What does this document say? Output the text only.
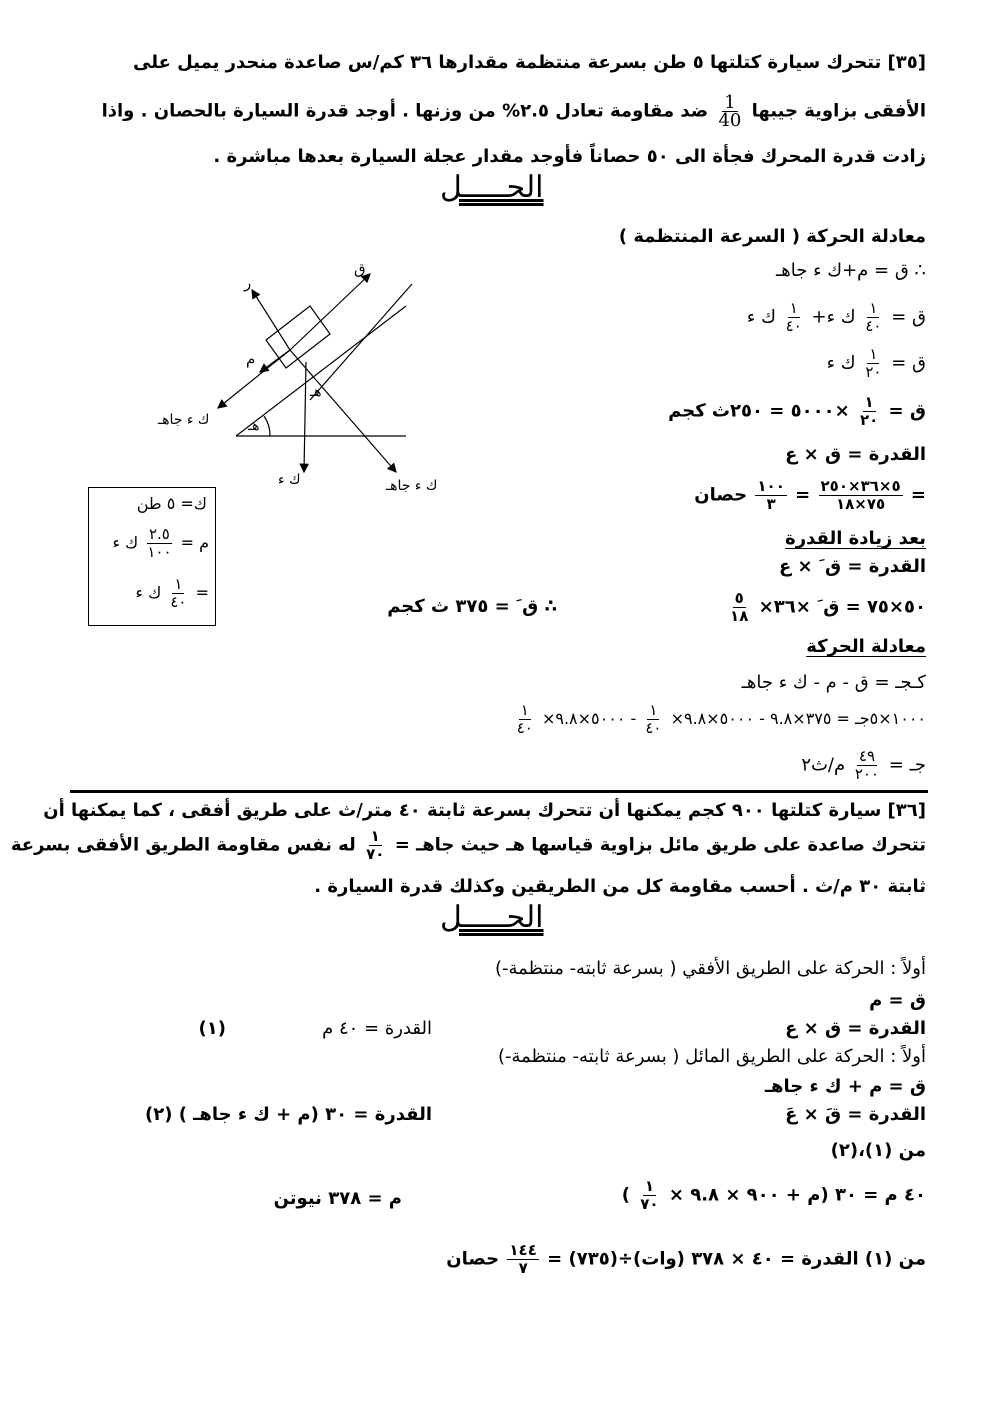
[٣٥] تتحرك سيارة كتلتها ٥ طن بسرعة منتظمة مقدارها ٣٦ كم/س صاعدة منحدر يميل على
الأفقى بزاوية جيبها
$\frac{1}{40}$
ضد مقاومة تعادل ٢.٥% من وزنها . أوجد قدرة السيارة بالحصان . واذا
زادت قدرة المحرك فجأة الى ٥٠ حصاناً فأوجد مقدار عجلة السيارة بعدها مباشرة .
الحـــــل
معادلة الحركة ( السرعة المنتظمة )
∴ ق = م+ك ء جاهـ
ق =
$\frac{١}{٤٠}$
ك ء+
$\frac{١}{٤٠}$
ك ء
ق =
$\frac{١}{٢٠}$
ك ء
ق =
$\frac{١}{٢٠}$
×٥٠٠٠ = ٢٥٠ث كجم
القدرة = ق × ع
=
$\frac{٥\times ٣٦\times ٢٥٠}{٧٥\times ١٨}$
=
$\frac{١٠٠}{٣}$
حصان
بعد زيادة القدرة
القدرة = ق َ × ع
٥٠×٧٥ = ق َ ×٣٦×
$\frac{٥}{١٨}$
∴ ق َ = ٣٧٥ ث كجم
معادلة الحركة
كـجـ = ق - م - ك ء جاهـ
١٠٠٠×٥جـ = ٣٧٥×٩.٨ - ٥٠٠٠×٩.٨×
$\frac{١}{٤٠}$
- ٥٠٠٠×٩.٨×
$\frac{١}{٤٠}$
جـ =
$\frac{٤٩}{٢٠٠}$
م/ث٢
ك= ٥ طن
م =
$\frac{٢.٥}{١٠٠}$
ك ء
=
$\frac{١}{٤٠}$
ك ء
ق
ر
م
هـ
هـ
ك ء جاهـ
ك ء	ك ء جاهـ
[٣٦] سيارة كتلتها ٩٠٠ كجم يمكنها أن تتحرك بسرعة ثابتة ٤٠ متر/ث على طريق أفقى ، كما يمكنها أن
تتحرك صاعدة على طريق مائل بزاوية قياسها هـ حيث جاهـ =
$\frac{١}{٧٠}$
له نفس مقاومة الطريق الأفقى بسرعة
ثابتة ٣٠ م/ث . أحسب مقاومة كل من الطريقين وكذلك قدرة السيارة .
الحـــــل
أولاً : الحركة على الطريق الأفقي ( بسرعة ثابته- منتظمة-)
ق = م
القدرة = ق × ع
القدرة = ٤٠ م
(١)
أولاً : الحركة على الطريق المائل ( بسرعة ثابته- منتظمة-)
ق = م + ك ء جاهـ
القدرة = قَ × عَ
القدرة = ٣٠ (م + ك ء جاهـ ) (٢)
من (١)،(٢)
٤٠ م = ٣٠ (م + ٩٠٠ × ٩.٨ ×
$\frac{١}{٧٠}$
)
م = ٣٧٨ نيوتن
من (١) القدرة = ٤٠ × ٣٧٨ (وات)÷(٧٣٥) =
$\frac{١٤٤}{٧}$
حصان
